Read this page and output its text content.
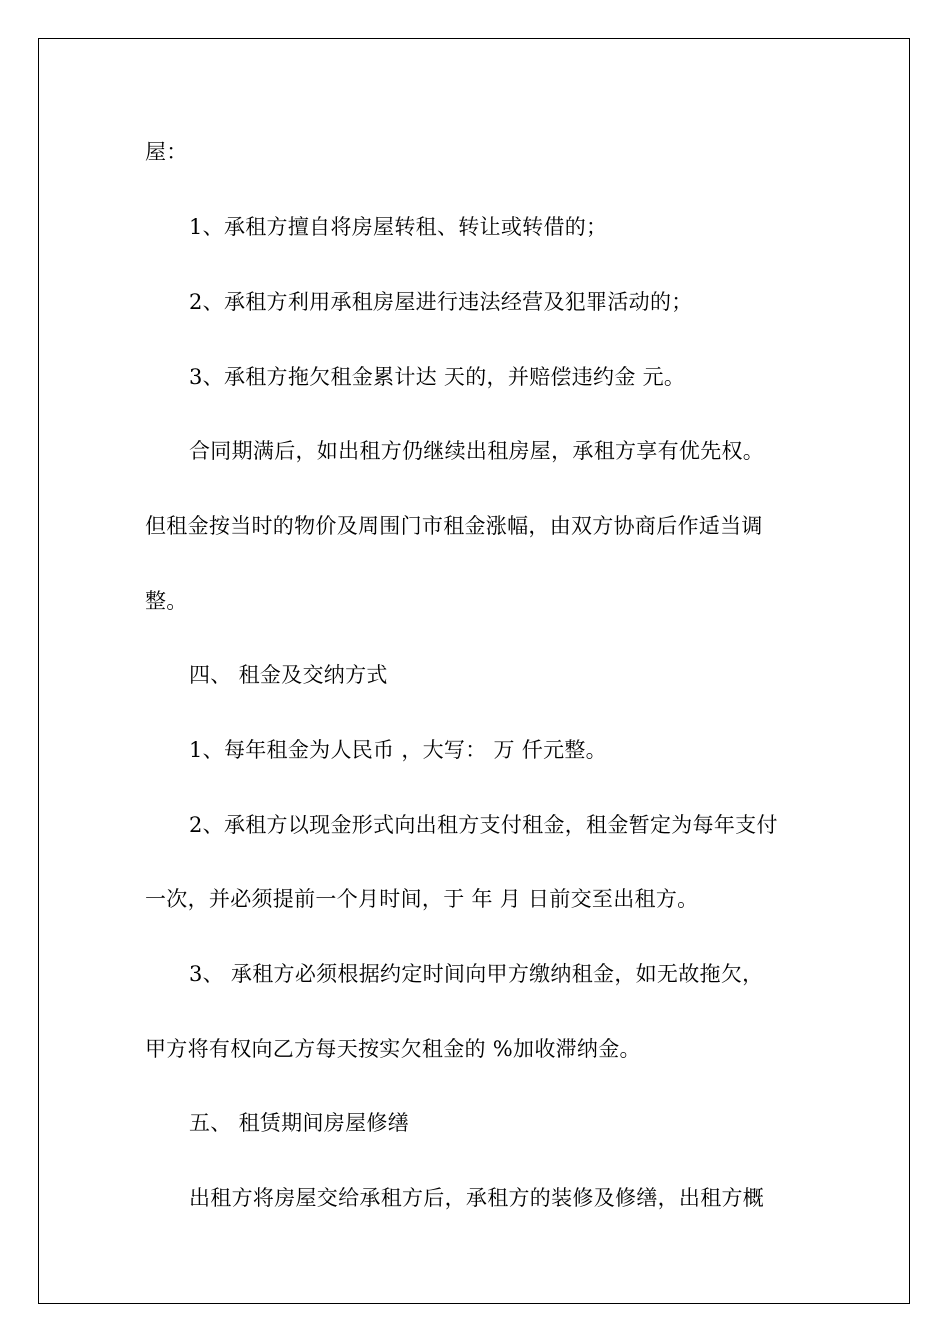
屋：
1、承租方擅自将房屋转租、转让或转借的；
2、承租方利用承租房屋进行违法经营及犯罪活动的；
3、承租方拖欠租金累计达 天的，并赔偿违约金 元。
合同期满后，如出租方仍继续出租房屋，承租方享有优先权。
但租金按当时的物价及周围门市租金涨幅，由双方协商后作适当调
整。
四、 租金及交纳方式
1、每年租金为人民币 ，大写： 万 仟元整。
2、承租方以现金形式向出租方支付租金，租金暂定为每年支付
一次，并必须提前一个月时间，于 年 月 日前交至出租方。
3、 承租方必须根据约定时间向甲方缴纳租金，如无故拖欠，
甲方将有权向乙方每天按实欠租金的 %加收滞纳金。
五、 租赁期间房屋修缮
出租方将房屋交给承租方后，承租方的装修及修缮，出租方概
